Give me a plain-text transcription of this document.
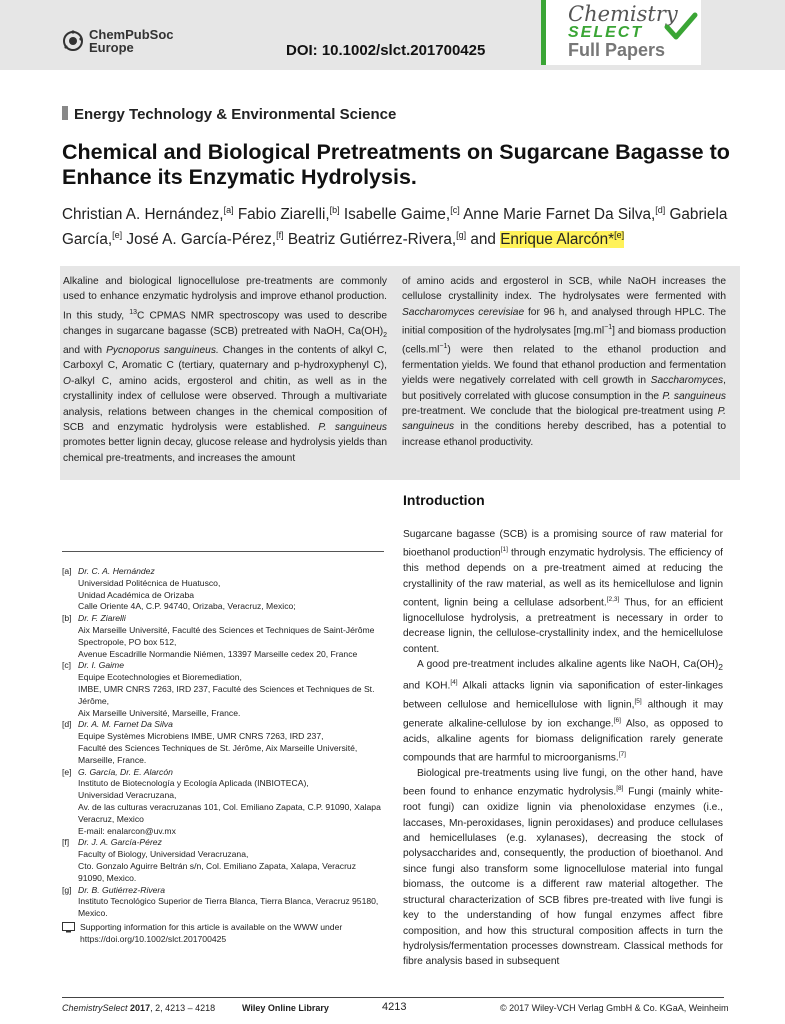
ChemPubSoc
Europe	DOI: 10.1002/slct.201700425
Chemistry
SELECT
Full Papers
Energy Technology & Environmental Science
Chemical and Biological Pretreatments on Sugarcane Bagasse to Enhance its Enzymatic Hydrolysis.
Christian A. Hernández,[a] Fabio Ziarelli,[b] Isabelle Gaime,[c] Anne Marie Farnet Da Silva,[d] Gabriela García,[e] José A. García-Pérez,[f] Beatriz Gutiérrez-Rivera,[g] and Enrique Alarcón*[e]
Alkaline and biological lignocellulose pre-treatments are commonly used to enhance enzymatic hydrolysis and improve ethanol production. In this study, $^{13}$C CPMAS NMR spectroscopy was used to describe changes in sugarcane bagasse (SCB) pretreated with NaOH, $Ca(OH)_2$ and with Pycnoporus sanguineus. Changes in the contents of alkyl C, Carboxyl C, Aromatic C (tertiary, quaternary and p-hydroxyphenyl C), O-alkyl C, amino acids, ergosterol and chitin, as well as in the crystallinity index of cellulose were observed. Through a multivariate analysis, relations between changes in the chemical composition of SCB and enzymatic hydrolysis were established. P. sanguineus promotes better lignin decay, glucose release and hydrolysis yields than chemical pre-treatments, and increases the amount
of amino acids and ergosterol in SCB, while NaOH increases the cellulose crystallinity index. The hydrolysates were fermented with Saccharomyces cerevisiae for 96 h, and analysed through HPLC. The initial composition of the hydrolysates $[mg.ml^{-1}]$ and biomass production $(cells.ml^{-1})$ were then related to the ethanol production and fermentation yields. We found that ethanol production and fermentation yields were negatively correlated with cell growth in Saccharomyces, but positively correlated with glucose consumption in the P. sanguineus pre-treatment. We conclude that the biological pre-treatment using P. sanguineus in the conditions hereby described, has a potential to increase ethanol productivity.
Introduction

Sugarcane bagasse (SCB) is a promising source of raw material for bioethanol production[1] through enzymatic hydrolysis. The efficiency of this method depends on a pre-treatment aimed at reducing the crystallinity of the raw material, as well as its hemicellulose and lignin content, lignin being a cellulase adsorbent.[2,3] Thus, for an efficient lignocellulose hydrolysis, a pretreatment is necessary in order to decrease lignin, the cellulose-crystallinity index, and the hemicellulose content.

A good pre-treatment includes alkaline agents like NaOH, $Ca(OH)_2$ and KOH.[4] Alkali attacks lignin via saponification of ester-linkages between cellulose and hemicellulose with lignin,[5] although it may generate alkaline-cellulose by ion exchange.[6] Also, as opposed to acids, alkaline agents for biomass delignification rarely generate compounds that are harmful to microorganisms.[7]

Biological pre-treatments using live fungi, on the other hand, have been found to enhance enzymatic hydrolysis.[8] Fungi (mainly white-root fungi) can oxidize lignin via phenoloxidase enzymes (i.e., laccases, Mn-peroxidases, lignin peroxidases) and produce cellulases and hemicellulases (e.g. xylanases), decreasing the stock of polysaccharides and, consequently, the production of bioethanol. And since fungi also transform some lignocellulose material into fungal biomass, the outcome is a different raw material altogether. The structural characterization of SCB fibres pre-treated with live fungi is key to the understanding of how fungal enzymes affect fibre composition, and how this structural composition affects in turn the hydrolysis/fermentation processes downstream. Classical methods for fibre analysis based in subsequent

[a] Dr. C. A. Hernández
Universidad Politécnica de Huatusco,
Unidad Académica de Orizaba
Calle Oriente 4A, C.P. 94740, Orizaba, Veracruz, Mexico;
[b] Dr. F. Ziarelli
Aix Marseille Université, Faculté des Sciences et Techniques de Saint-Jérôme
Spectropole, PO box 512,
Avenue Escadrille Normandie Niémen, 13397 Marseille cedex 20, France
[c] Dr. I. Gaime
Equipe Ecotechnologies et Bioremediation,
IMBE, UMR CNRS 7263, IRD 237, Faculté des Sciences et Techniques de St. Jérôme,
Aix Marseille Université, Marseille, France.
[d] Dr. A. M. Farnet Da Silva
Equipe Systèmes Microbiens IMBE, UMR CNRS 7263, IRD 237,
Faculté des Sciences Techniques de St. Jérôme, Aix Marseille Université, Marseille, France.
[e] G. García, Dr. E. Alarcón
Instituto de Biotecnología y Ecología Aplicada (INBIOTECA),
Universidad Veracruzana,
Av. de las culturas veracruzanas 101, Col. Emiliano Zapata, C.P. 91090, Xalapa Veracruz, Mexico
E-mail: enalarcon@uv.mx
[f] Dr. J. A. García-Pérez
Faculty of Biology, Universidad Veracruzana,
Cto. Gonzalo Aguirre Beltrán s/n, Col. Emiliano Zapata, Xalapa, Veracruz 91090, Mexico.
[g] Dr. B. Gutiérrez-Rivera
Instituto Tecnológico Superior de Tierra Blanca, Tierra Blanca, Veracruz 95180, Mexico.
Supporting information for this article is available on the WWW under https://doi.org/10.1002/slct.201700425
ChemistrySelect 2017, 2, 4213 – 4218	Wiley Online Library	4213	© 2017 Wiley-VCH Verlag GmbH & Co. KGaA, Weinheim
